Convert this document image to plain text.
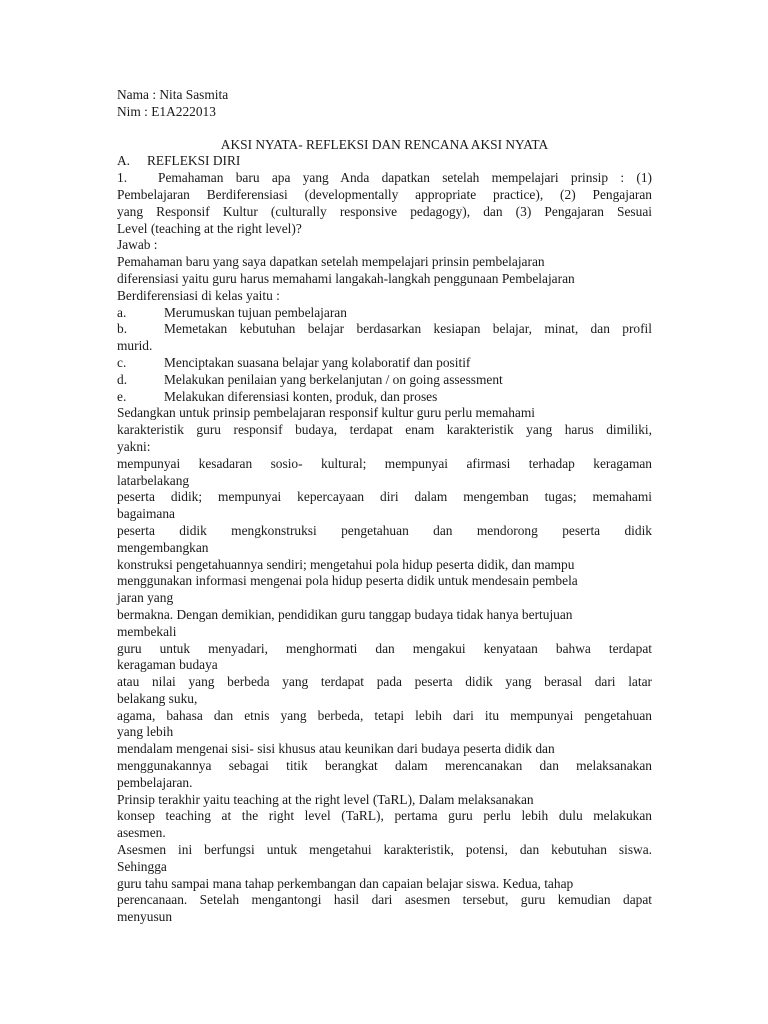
Nama : Nita Sasmita
Nim : E1A222013
AKSI NYATA- REFLEKSI DAN RENCANA AKSI NYATA
A.	REFLEKSI DIRI
1.	Pemahaman baru apa yang Anda dapatkan setelah mempelajari prinsip : (1)
Pembelajaran Berdiferensiasi (developmentally appropriate practice), (2) Pengajaran
yang Responsif Kultur (culturally responsive pedagogy), dan (3) Pengajaran Sesuai
Level (teaching at the right level)?
Jawab :
Pemahaman baru yang saya dapatkan setelah mempelajari prinsin pembelajaran
diferensiasi yaitu guru harus memahami langakah-langkah penggunaan Pembelajaran
Berdiferensiasi di kelas yaitu :
a.	Merumuskan tujuan pembelajaran
b.	Memetakan kebutuhan belajar berdasarkan kesiapan belajar, minat, dan profil
murid.
c.	Menciptakan suasana belajar yang kolaboratif dan positif
d.	Melakukan penilaian yang berkelanjutan / on going assessment
e.	Melakukan diferensiasi konten, produk, dan proses
Sedangkan untuk prinsip pembelajaran responsif kultur guru perlu memahami
karakteristik guru responsif budaya, terdapat enam karakteristik yang harus dimiliki,
yakni:
mempunyai kesadaran sosio- kultural; mempunyai afirmasi terhadap keragaman
latarbelakang
peserta didik; mempunyai kepercayaan diri dalam mengemban tugas; memahami
bagaimana
peserta didik mengkonstruksi pengetahuan dan mendorong peserta didik
mengembangkan
konstruksi pengetahuannya sendiri; mengetahui pola hidup peserta didik, dan mampu
menggunakan informasi mengenai pola hidup peserta didik untuk mendesain pembela
jaran yang
bermakna. Dengan demikian, pendidikan guru tanggap budaya tidak hanya bertujuan
membekali
guru untuk menyadari, menghormati dan mengakui kenyataan bahwa terdapat
keragaman budaya
atau nilai yang berbeda yang terdapat pada peserta didik yang berasal dari latar
belakang suku,
agama, bahasa dan etnis yang berbeda, tetapi lebih dari itu mempunyai pengetahuan
yang lebih
mendalam mengenai sisi- sisi khusus atau keunikan dari budaya peserta didik dan
menggunakannya sebagai titik berangkat dalam merencanakan dan melaksanakan
pembelajaran.
Prinsip terakhir yaitu teaching at the right level (TaRL), Dalam melaksanakan
konsep teaching at the right level (TaRL), pertama guru perlu lebih dulu melakukan
asesmen.
Asesmen ini berfungsi untuk mengetahui karakteristik, potensi, dan kebutuhan siswa.
Sehingga
guru tahu sampai mana tahap perkembangan dan capaian belajar siswa. Kedua, tahap
perencanaan. Setelah mengantongi hasil dari asesmen tersebut, guru kemudian dapat
menyusun
